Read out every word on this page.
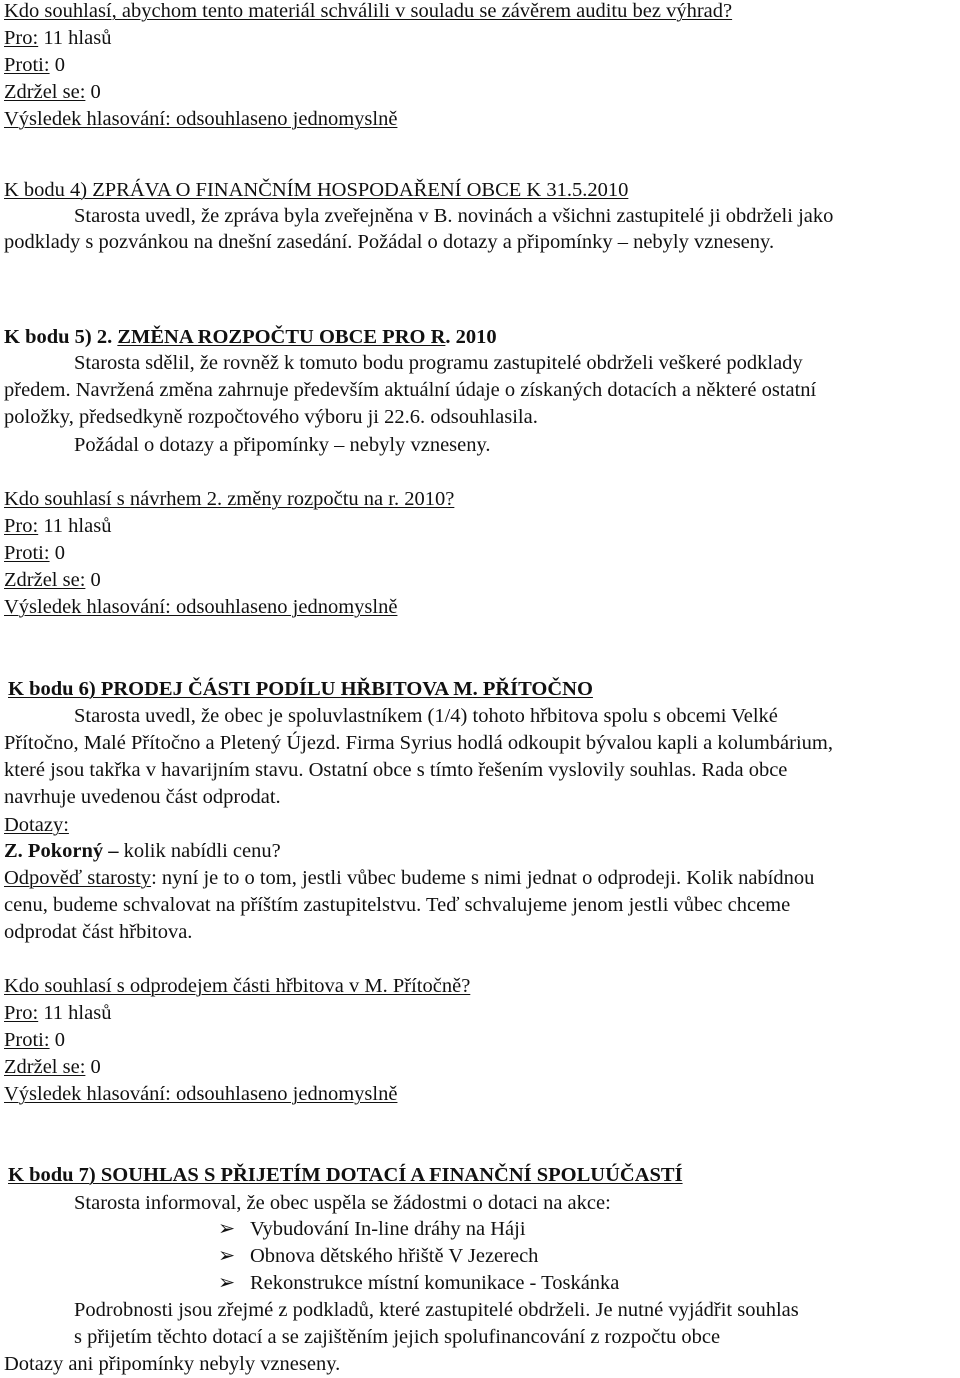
Kdo souhlasí, abychom tento materiál schválili v souladu se závěrem auditu bez výhrad?
Pro: 11 hlasů
Proti: 0
Zdržel se: 0
Výsledek hlasování: odsouhlaseno jednomyslně
K bodu 4) ZPRÁVA O FINANČNÍM HOSPODAŘENÍ OBCE K 31.5.2010
Starosta uvedl, že zpráva byla zveřejněna v B. novinách a všichni zastupitelé ji obdrželi jako
podklady s pozvánkou na dnešní zasedání. Požádal o dotazy a připomínky – nebyly vzneseny.
K bodu 5) 2. ZMĚNA ROZPOČTU OBCE PRO R. 2010
Starosta sdělil, že rovněž k tomuto bodu programu zastupitelé obdrželi veškeré podklady
předem. Navržená změna zahrnuje především aktuální údaje o získaných dotacích a některé ostatní
položky, předsedkyně rozpočtového výboru ji 22.6. odsouhlasila.
Požádal o dotazy a připomínky – nebyly vzneseny.
Kdo souhlasí s návrhem 2. změny rozpočtu na r. 2010?
Pro: 11 hlasů
Proti: 0
Zdržel se: 0
Výsledek hlasování: odsouhlaseno jednomyslně
K bodu 6) PRODEJ ČÁSTI PODÍLU HŘBITOVA M. PŘÍTOČNO
Starosta uvedl, že obec je spoluvlastníkem (1/4) tohoto hřbitova spolu s obcemi Velké
Přítočno, Malé Přítočno a Pletený Újezd. Firma Syrius hodlá odkoupit bývalou kapli a kolumbárium,
které jsou takřka v havarijním stavu. Ostatní obce s tímto řešením vyslovily souhlas. Rada obce
navrhuje uvedenou část odprodat.
Dotazy:
Z. Pokorný – kolik nabídli cenu?
Odpověď starosty: nyní je to o tom, jestli vůbec budeme s nimi jednat o odprodeji. Kolik nabídnou
cenu, budeme schvalovat na příštím zastupitelstvu. Teď schvalujeme jenom jestli vůbec chceme
odprodat část hřbitova.
Kdo souhlasí s odprodejem části hřbitova v M. Přítočně?
Pro: 11 hlasů
Proti: 0
Zdržel se: 0
Výsledek hlasování: odsouhlaseno jednomyslně
K bodu 7) SOUHLAS S PŘIJETÍM DOTACÍ A FINANČNÍ SPOLUÚČASTÍ
Starosta informoval, že obec uspěla se žádostmi o dotaci na akce:
➢ Vybudování In-line dráhy na Háji
➢ Obnova dětského hřiště V Jezerech
➢ Rekonstrukce místní komunikace - Toskánka
Podrobnosti jsou zřejmé z podkladů, které zastupitelé obdrželi. Je nutné vyjádřit souhlas
s přijetím těchto dotací a se zajištěním jejich spolufinancování z rozpočtu obce
Dotazy ani připomínky nebyly vzneseny.
